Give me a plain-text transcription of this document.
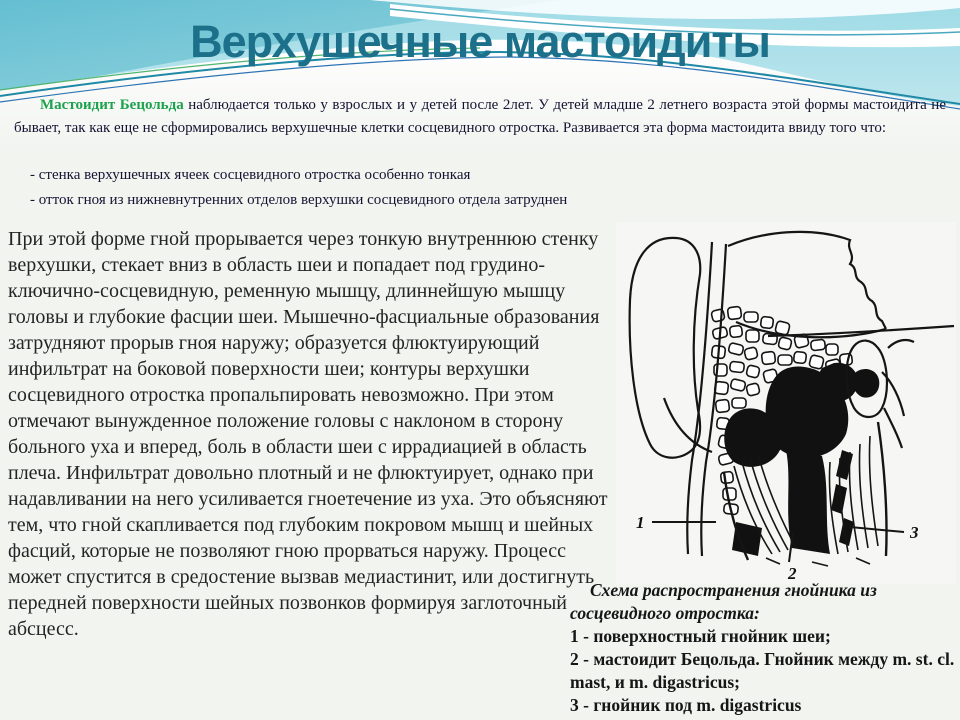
Верхушечные мастоидиты

Мастоидит Бецольда наблюдается только у взрослых и у детей после 2лет. У детей младше 2 летнего возраста этой формы мастоидита не бывает, так как еще не сформировались верхушечные клетки сосцевидного отростка. Развивается эта форма мастоидита ввиду того что:

- стенка верхушечных ячеек сосцевидного отростка особенно тонкая
- отток гноя из нижневнутренних отделов верхушки сосцевидного отдела затруднен

При этой форме гной прорывается через тонкую внутреннюю стенку верхушки, стекает вниз в область шеи и попадает под грудино-ключично-сосцевидную, ременную мышцу, длиннейшую мышцу головы и глубокие фасции шеи. Мышечно-фасциальные образования затрудняют прорыв гноя наружу; образуется флюктуирующий инфильтрат на боковой поверхности шеи; контуры верхушки сосцевидного отростка пропальпировать невозможно. При этом отмечают вынужденное положение головы с наклоном в сторону больного уха и вперед, боль в области шеи с иррадиацией в область плеча. Инфильтрат довольно плотный и не флюктуирует, однако при надавливании на него усиливается гноетечение из уха. Это объясняют тем, что гной скапливается под глубоким покровом мышц и шейных фасций, которые не позволяют гною прорваться наружу. Процесс может спустится в средостение вызвав медиастинит, или достигнуть передней поверхности шейных позвонков формируя заглоточный абсцесс.

1
2
3
Схема распространения гнойника из сосцевидного отростка:
1 - поверхностный гнойник шеи;
2 - мастоидит Бецольда. Гнойник между m. st. cl. mast, и m. digastricus;
3 - гнойник под m. digastricus
